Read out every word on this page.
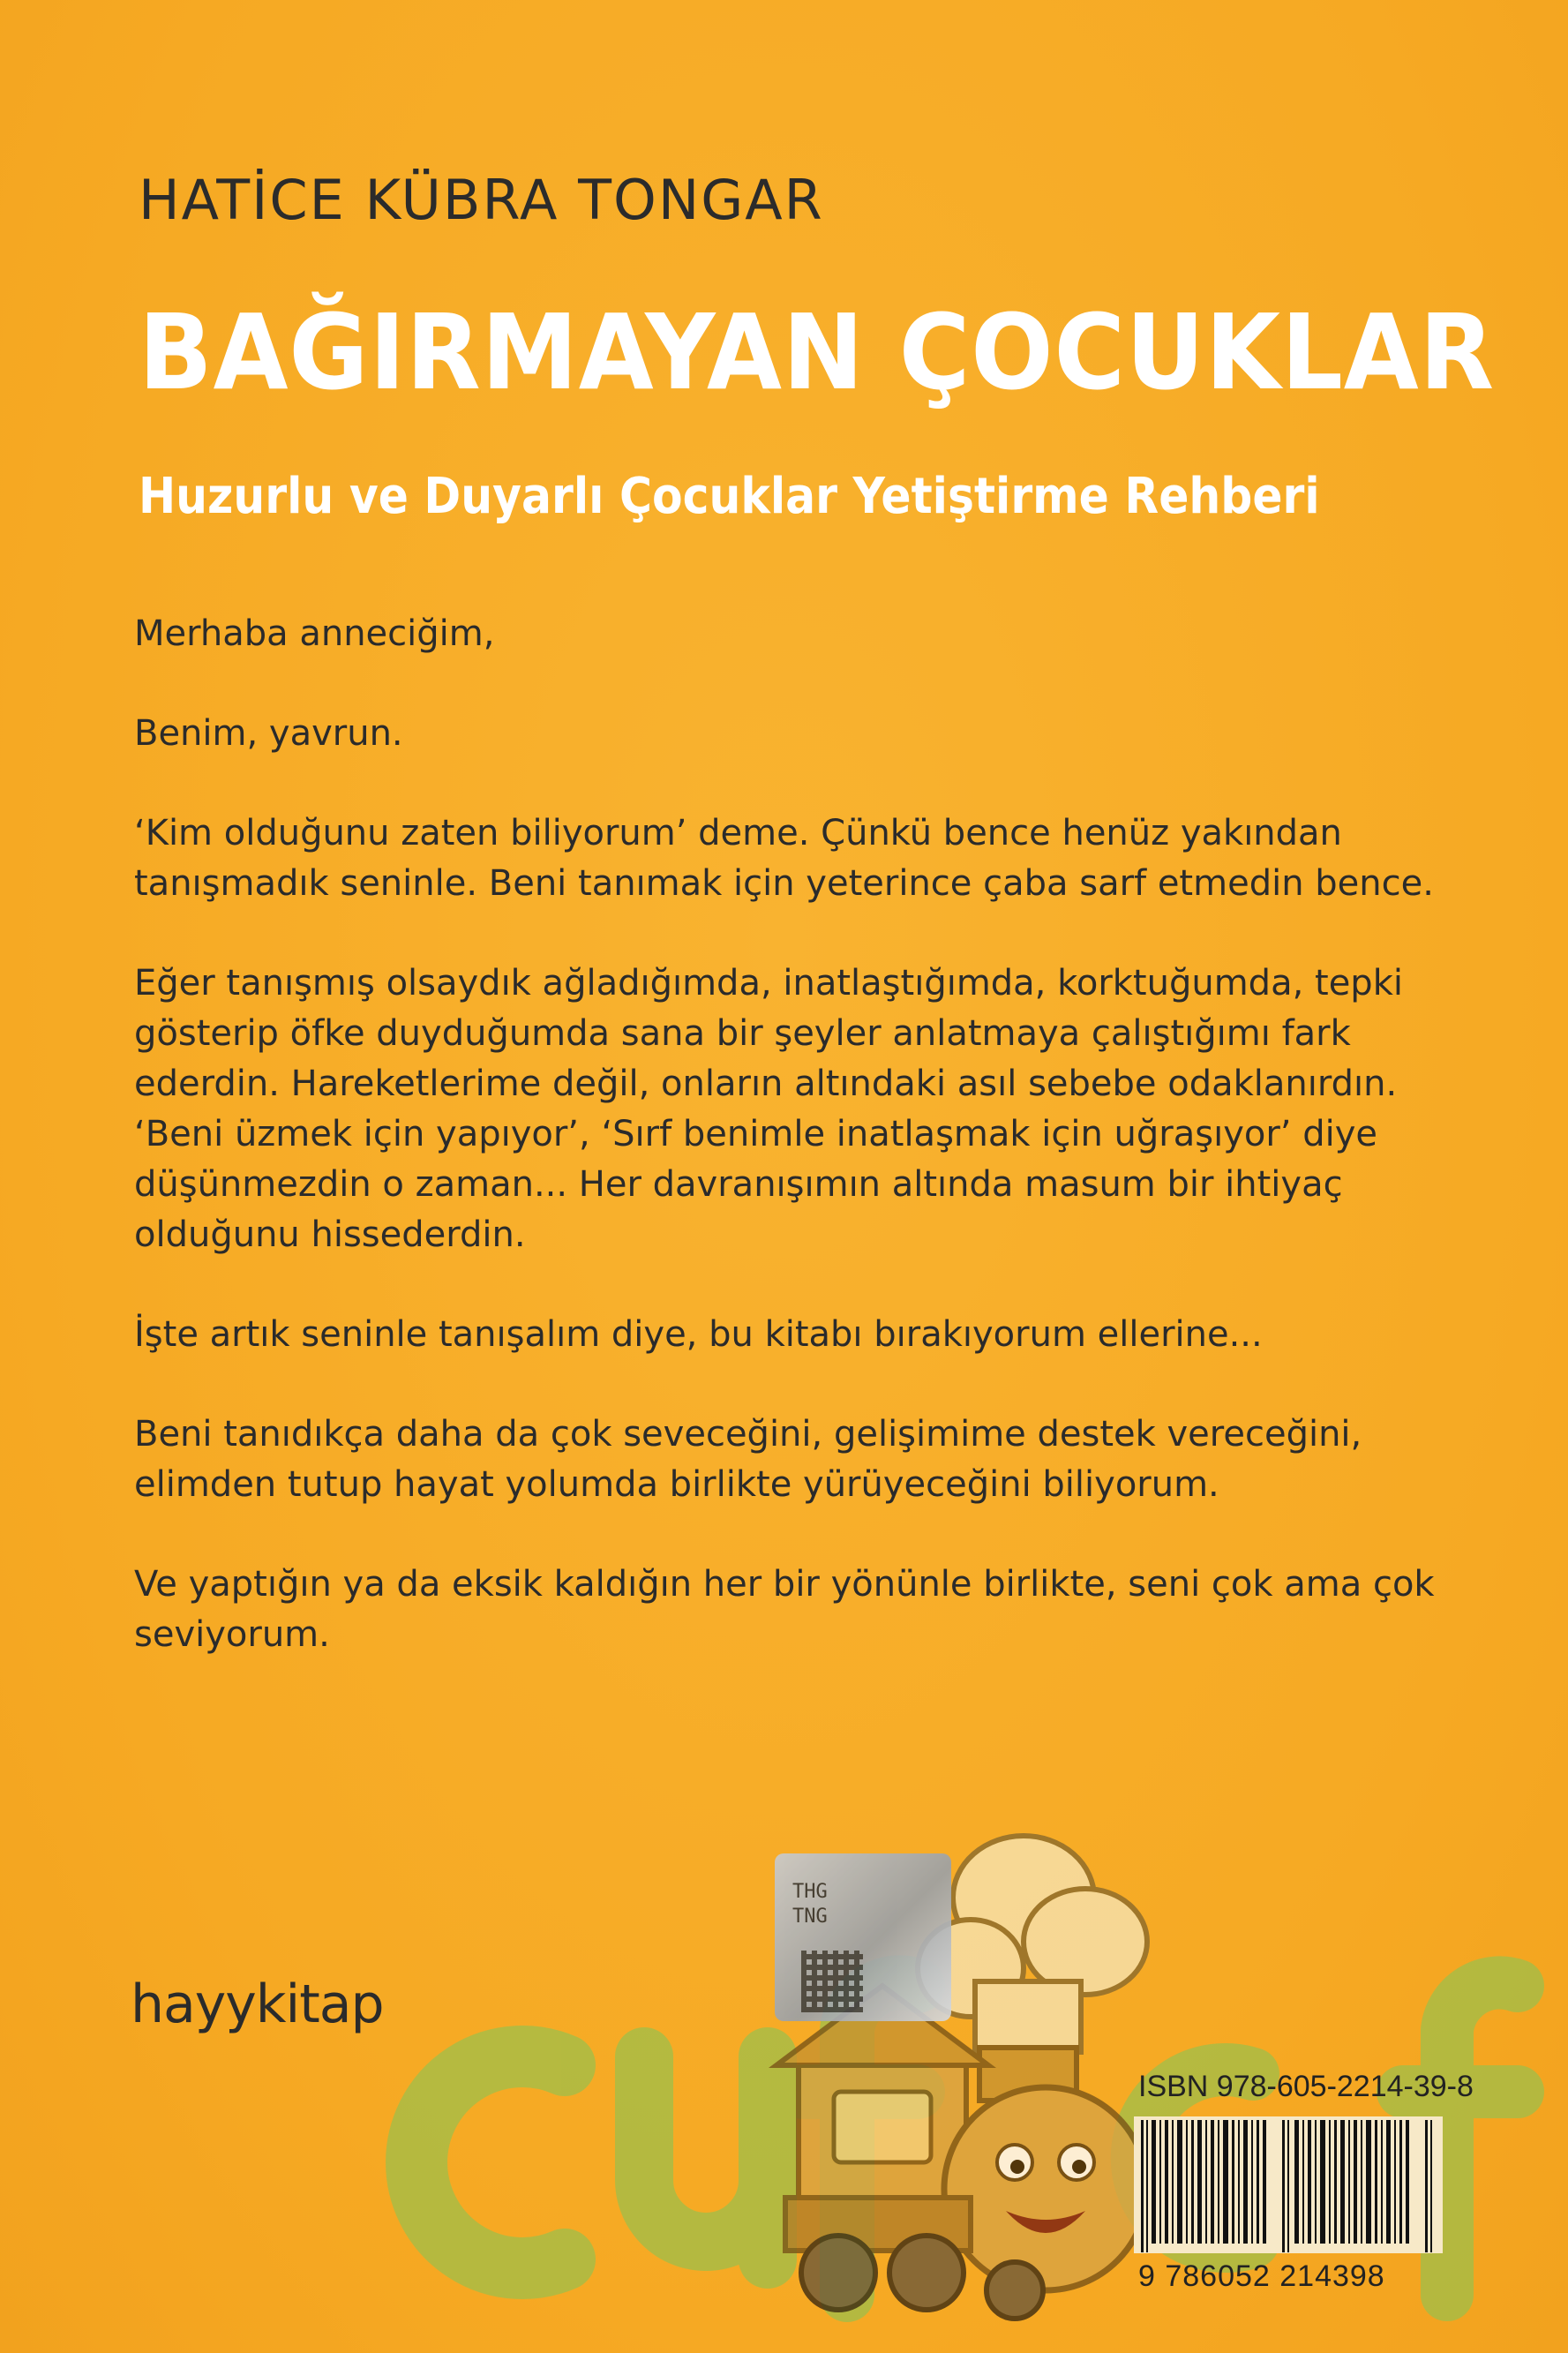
HATİCE KÜBRA TONGAR
BAĞIRMAYAN ÇOCUKLAR
Huzurlu ve Duyarlı Çocuklar Yetiştirme Rehberi

Merhaba anneciğim,

Benim, yavrun.

‘Kim olduğunu zaten biliyorum’ deme. Çünkü bence henüz yakından tanışmadık seninle. Beni tanımak için yeterince çaba sarf etmedin bence.

Eğer tanışmış olsaydık ağladığımda, inatlaştığımda, korktuğumda, tepki gösterip öfke duyduğumda sana bir şeyler anlatmaya çalıştığımı fark ederdin. Hareketlerime değil, onların altındaki asıl sebebe odaklanırdın. ‘Beni üzmek için yapıyor’, ‘Sırf benimle inatlaşmak için uğraşıyor’ diye düşünmezdin o zaman... Her davranışımın altında masum bir ihtiyaç olduğunu hissederdin.

İşte artık seninle tanışalım diye, bu kitabı bırakıyorum ellerine...

Beni tanıdıkça daha da çok seveceğini, gelişimime destek vereceğini, elimden tutup hayat yolumda birlikte yürüyeceğini biliyorum.

Ve yaptığın ya da eksik kaldığın her bir yönünle birlikte, seni çok ama çok seviyorum.

hayykitap
THG
TNG
ISBN 978-605-2214-39-8
9 786052 214398
